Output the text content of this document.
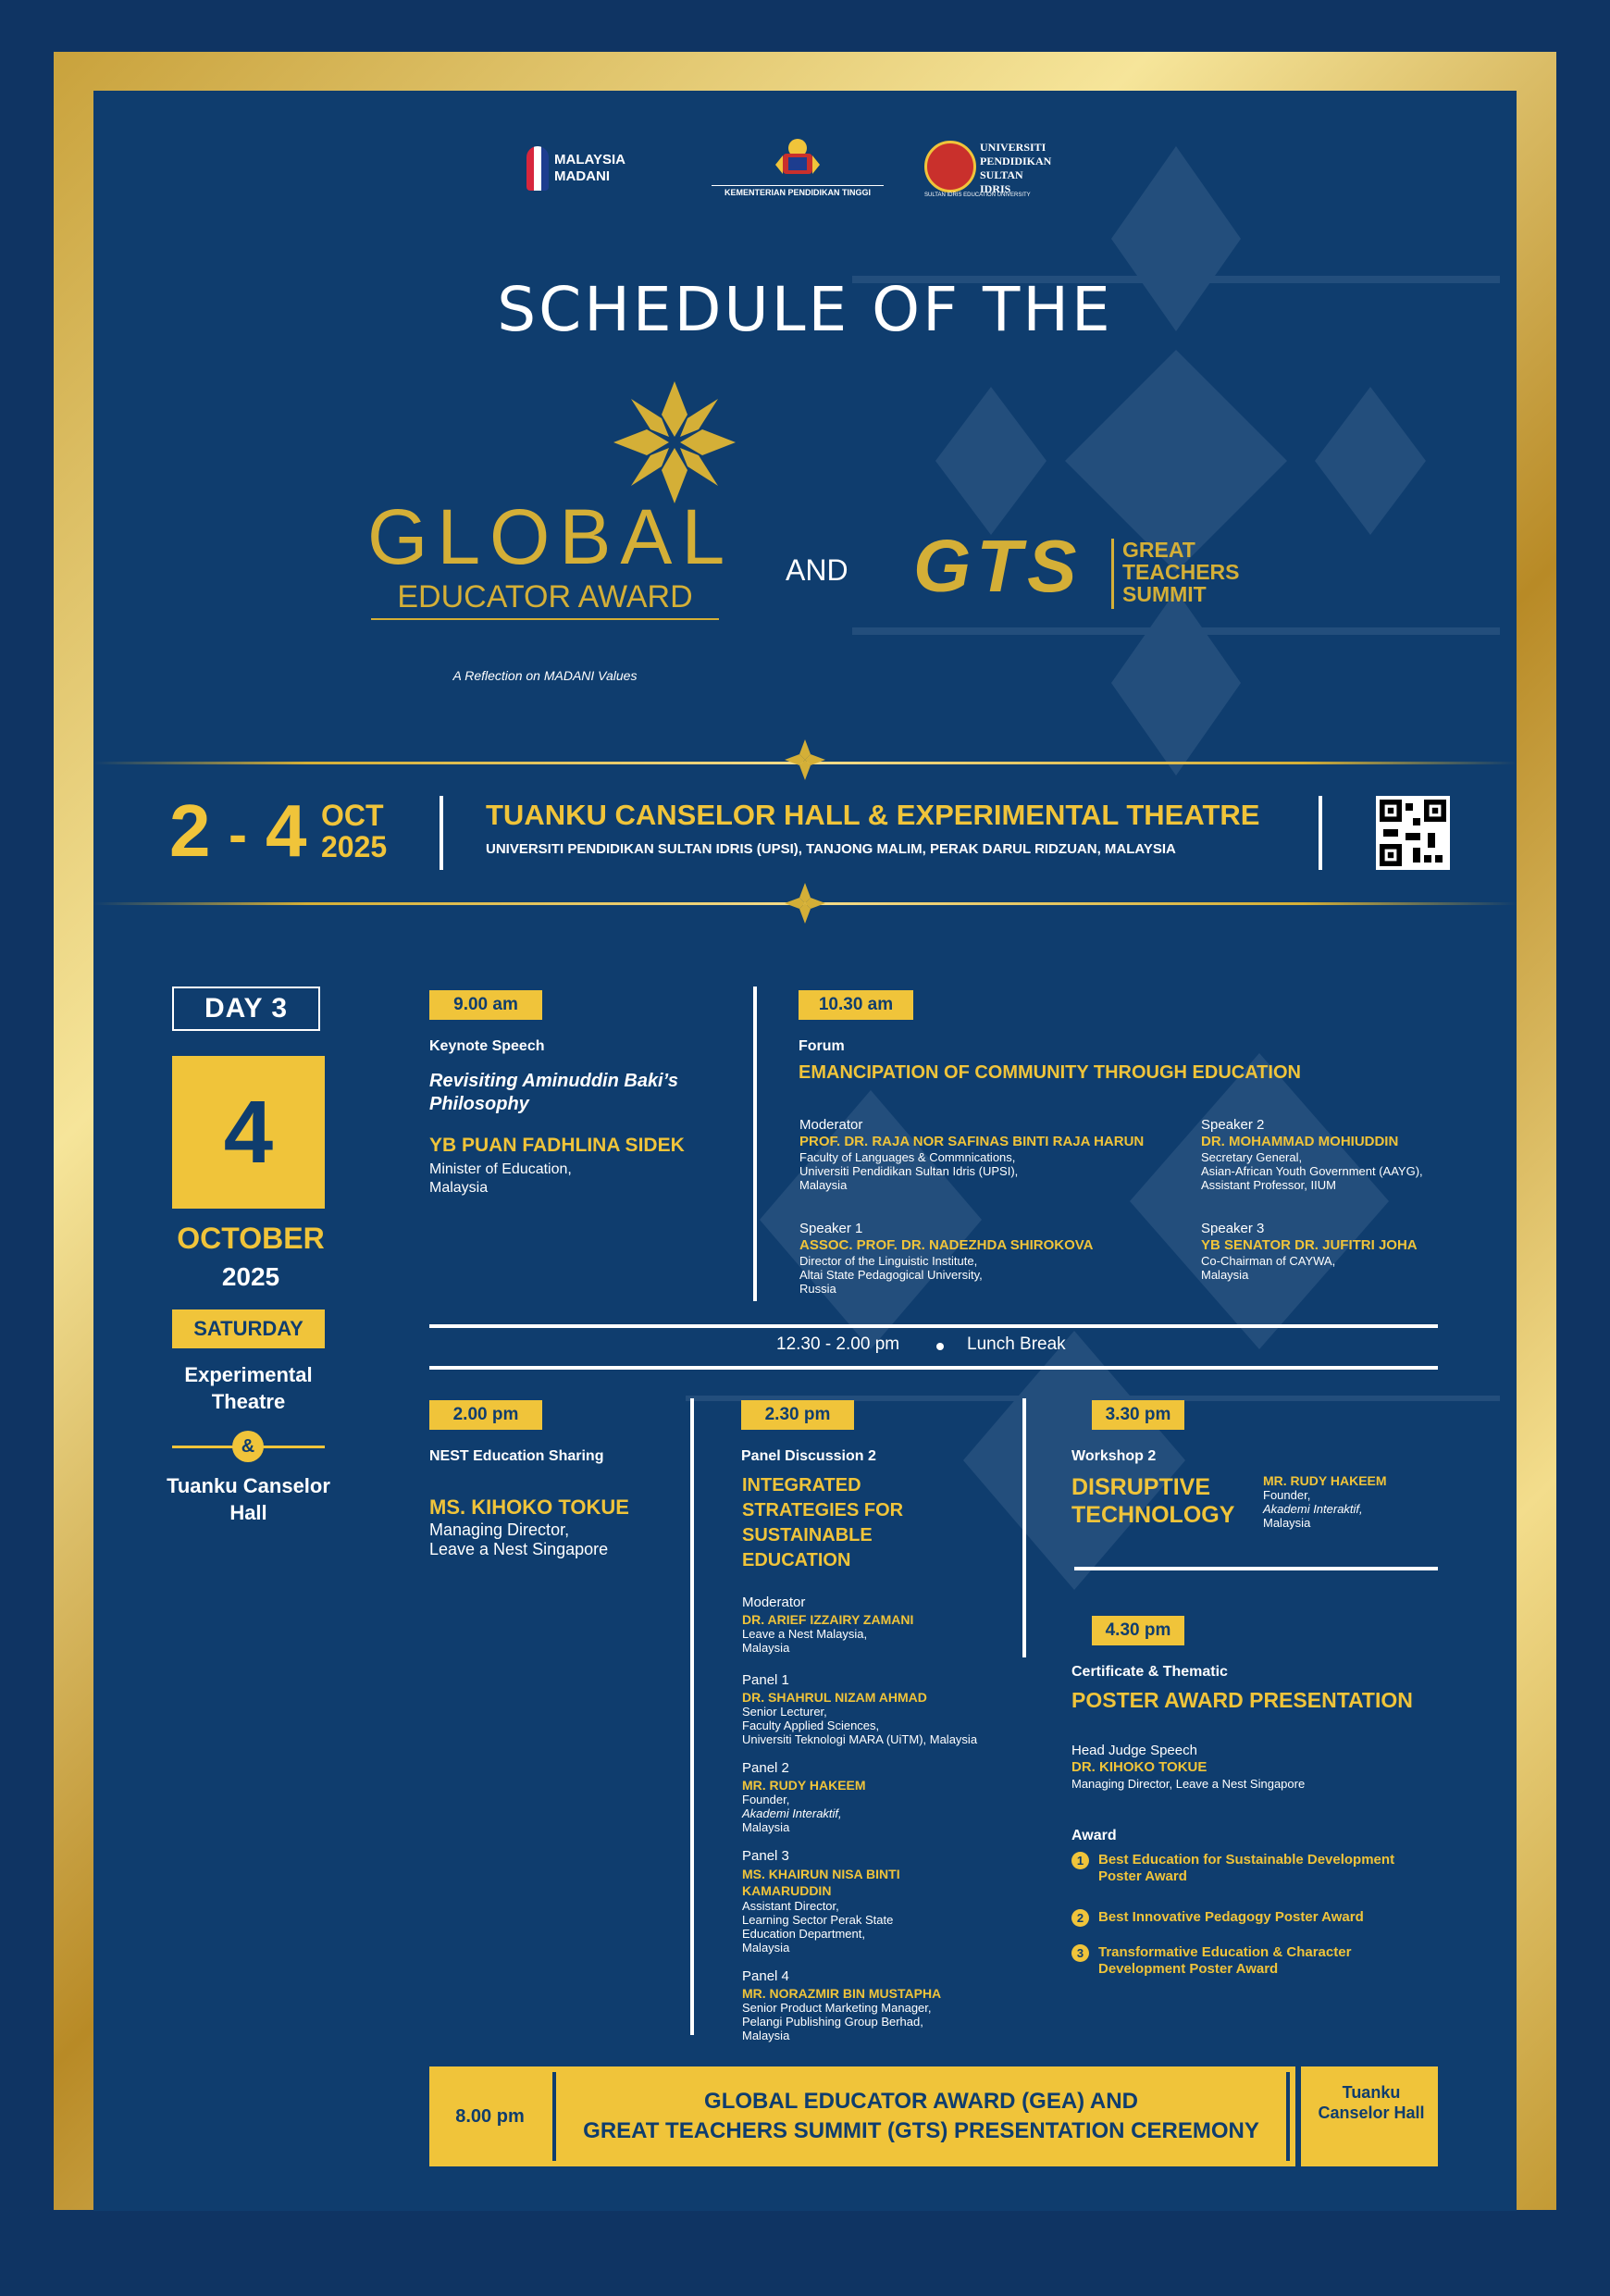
MALAYSIA MADANI
KEMENTERIAN PENDIDIKAN TINGGI
UNIVERSITI
PENDIDIKAN
SULTAN IDRIS
SULTAN IDRIS EDUCATION UNIVERSITY
SCHEDULE OF THE
GLOBAL
EDUCATOR AWARD
A Reflection on MADANI Values
AND GTS GREAT
TEACHERS
SUMMIT
2 - 4 OCT
2025
TUANKU CANSELOR HALL & EXPERIMENTAL THEATRE
UNIVERSITI PENDIDIKAN SULTAN IDRIS (UPSI), TANJONG MALIM, PERAK DARUL RIDZUAN, MALAYSIA
DAY 3
4
OCTOBER
2025
SATURDAY
Experimental Theatre
&
Tuanku Canselor Hall
9.00 am
Keynote Speech
Revisiting Aminuddin Baki’s Philosophy
YB PUAN FADHLINA SIDEK
Minister of Education, Malaysia
10.30 am
Forum
EMANCIPATION OF COMMUNITY THROUGH EDUCATION
Moderator
PROF. DR. RAJA NOR SAFINAS BINTI RAJA HARUN
Faculty of Languages & Commnications,
Universiti Pendidikan Sultan Idris (UPSI),
Malaysia
Speaker 2
DR. MOHAMMAD MOHIUDDIN
Secretary General,
Asian-African Youth Government (AAYG),
Assistant Professor, IIUM
Speaker 1
ASSOC. PROF. DR. NADEZHDA SHIROKOVA
Director of the Linguistic Institute,
Altai State Pedagogical University,
Russia
Speaker 3
YB SENATOR DR. JUFITRI JOHA
Co-Chairman of CAYWA,
Malaysia
12.30 - 2.00 pm	Lunch Break
2.00 pm
NEST Education Sharing
MS. KIHOKO TOKUE
Managing Director,
Leave a Nest Singapore
2.30 pm
Panel Discussion 2
INTEGRATED STRATEGIES FOR SUSTAINABLE EDUCATION
Moderator
DR. ARIEF IZZAIRY ZAMANI
Leave a Nest Malaysia,
Malaysia
Panel 1
DR. SHAHRUL NIZAM AHMAD
Senior Lecturer,
Faculty Applied Sciences,
Universiti Teknologi MARA (UiTM), Malaysia
Panel 2
MR. RUDY HAKEEM
Founder,
Akademi Interaktif,
Malaysia
Panel 3
MS. KHAIRUN NISA BINTI KAMARUDDIN
Assistant Director,
Learning Sector Perak State
Education Department,
Malaysia
Panel 4
MR. NORAZMIR BIN MUSTAPHA
Senior Product Marketing Manager,
Pelangi Publishing Group Berhad,
Malaysia
3.30 pm
Workshop 2
DISRUPTIVE TECHNOLOGY
MR. RUDY HAKEEM
Founder,
Akademi Interaktif,
Malaysia
4.30 pm
Certificate & Thematic
POSTER AWARD PRESENTATION
Head Judge Speech
DR. KIHOKO TOKUE
Managing Director, Leave a Nest Singapore
Award
1 Best Education for Sustainable Development Poster Award
2 Best Innovative Pedagogy Poster Award
3 Transformative Education & Character Development Poster Award
8.00 pm
GLOBAL EDUCATOR AWARD (GEA) AND
GREAT TEACHERS SUMMIT (GTS) PRESENTATION CEREMONY
Tuanku Canselor Hall
